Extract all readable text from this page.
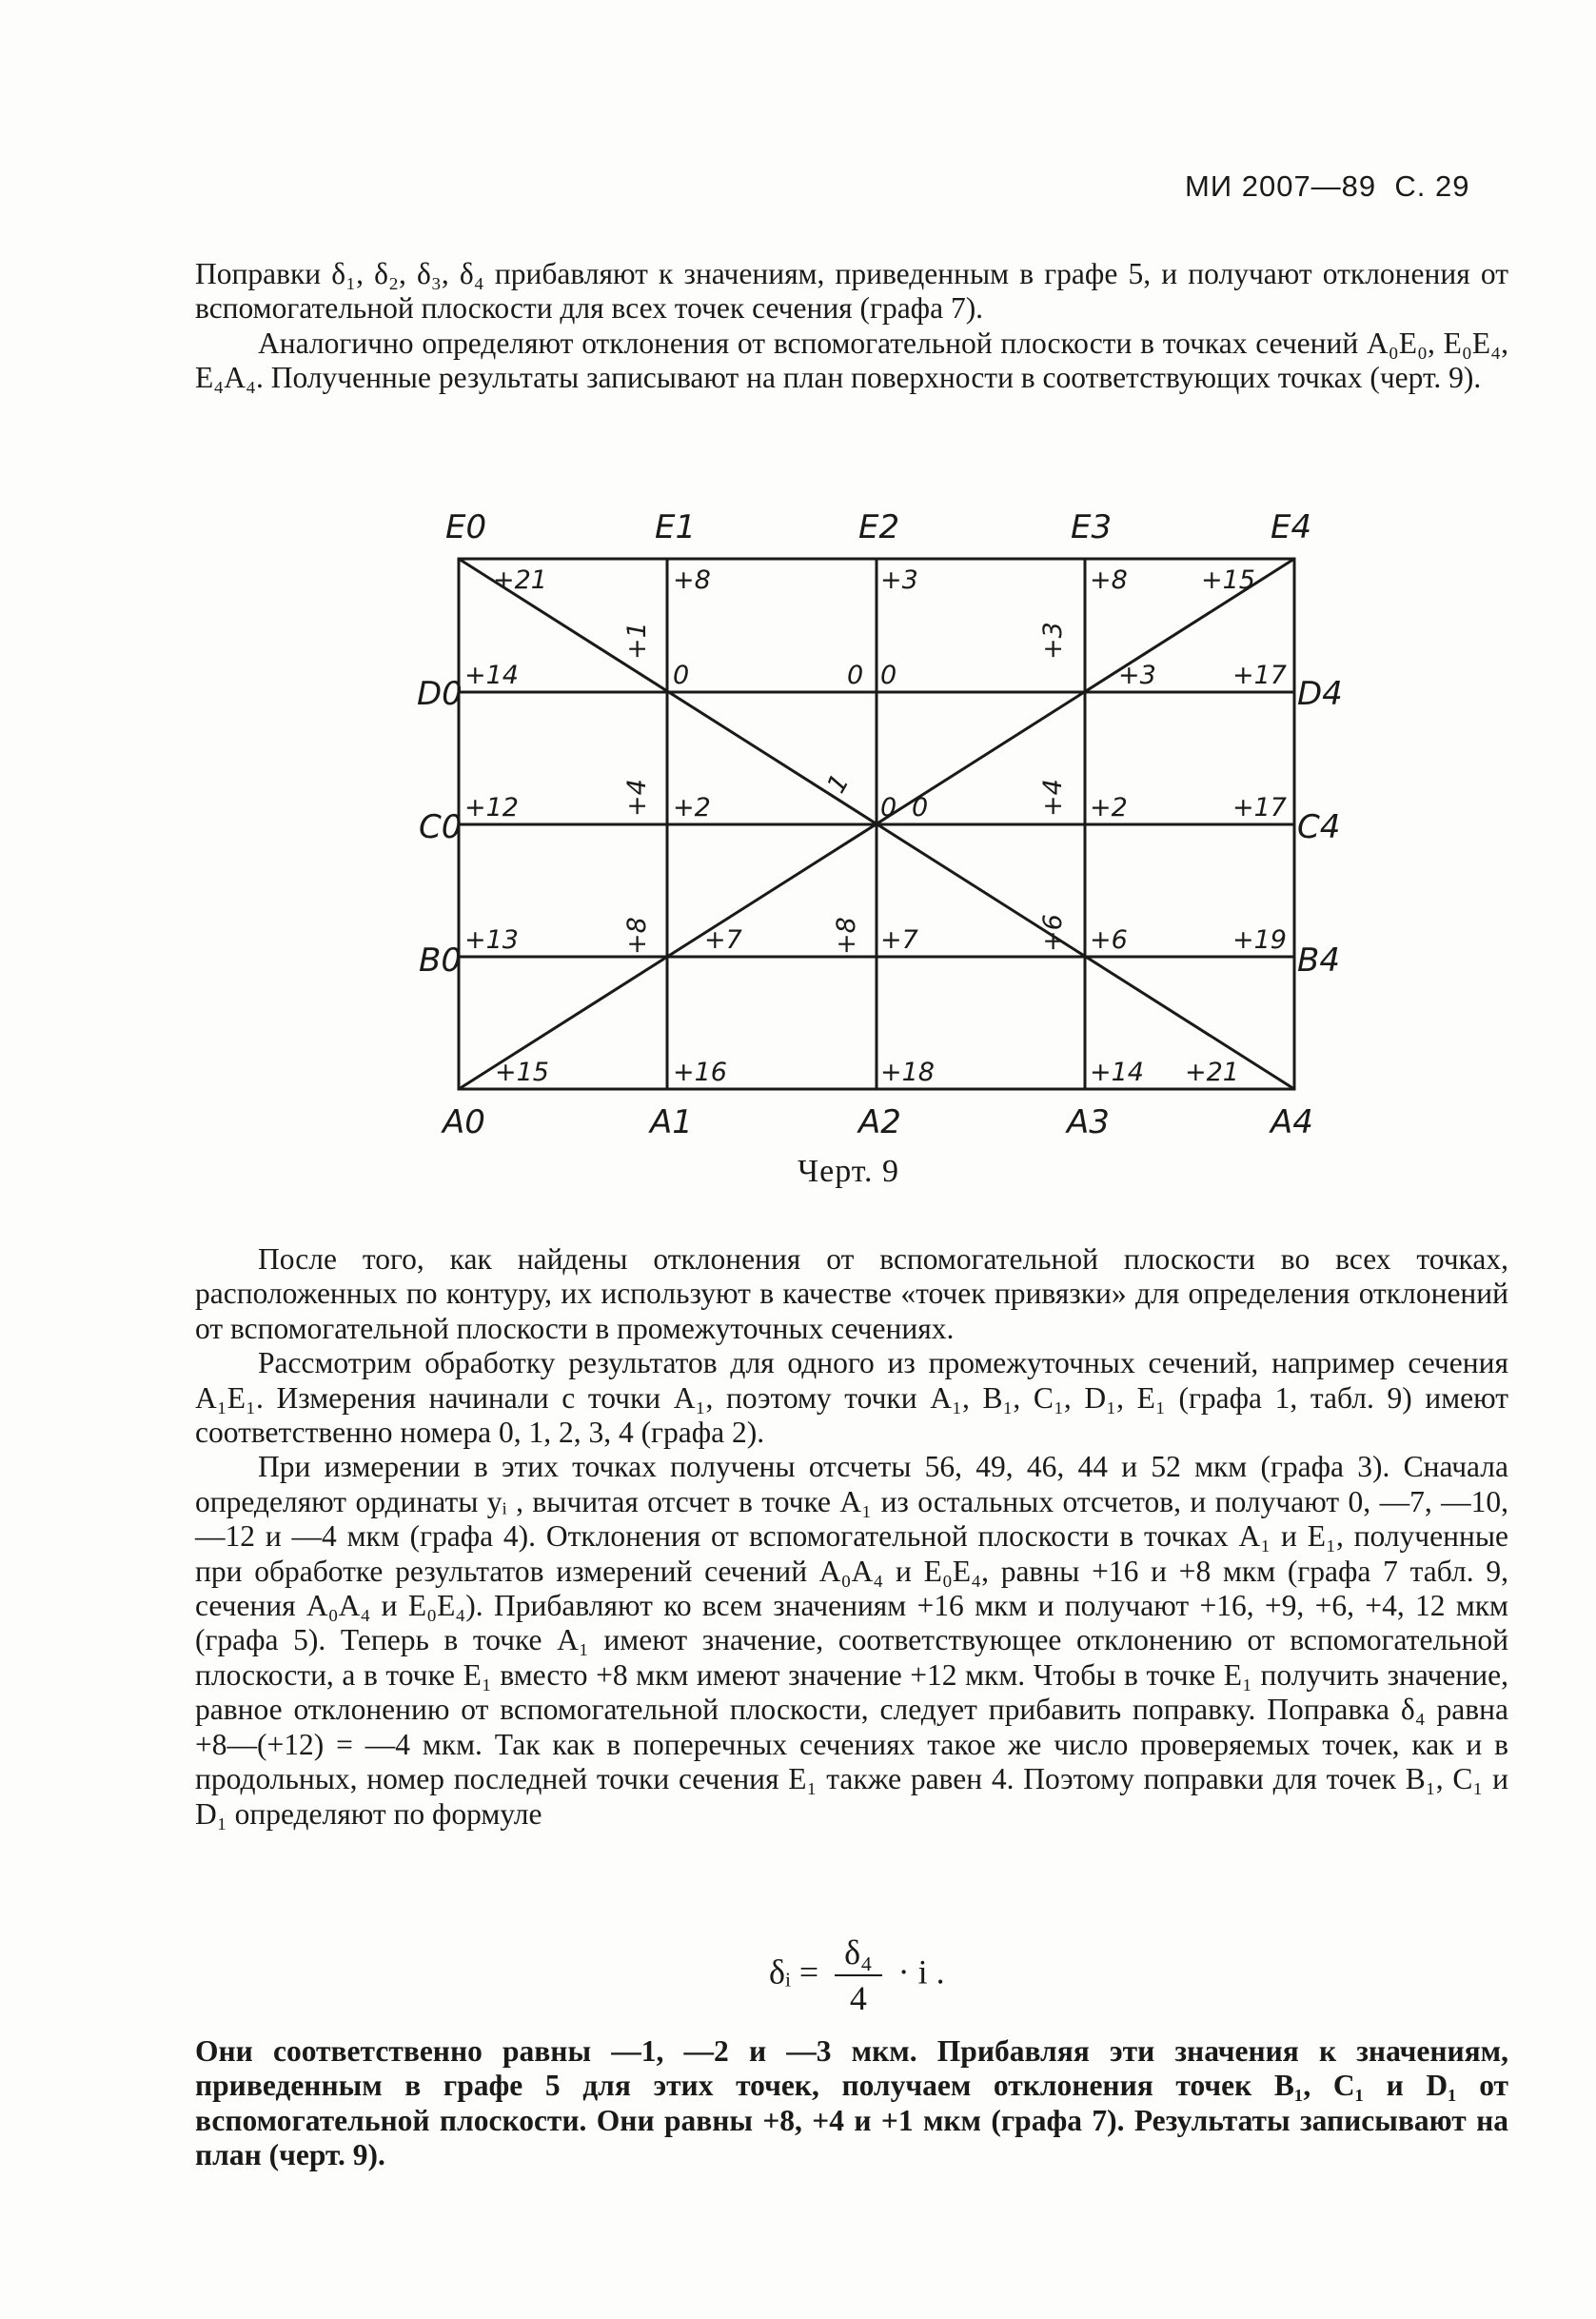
МИ 2007—89 С. 29

Поправки δ₁, δ₂, δ₃, δ₄ прибавляют к значениям, приведенным в графе 5, и получают отклонения от вспомогательной плоскости для всех точек сечения (графа 7).

Аналогично определяют отклонения от вспомогательной плоскости в точках сечений A₀E₀, E₀E₄, E₄A₄. Полученные результаты записывают на план поверхности в соответствующих точках (черт. 9).

E0	E1	E2	E3	E4
D0
C0
B0
D4
C4
B4
A0	A1	A2	A3	A4
+21	+8	+3	+8	+15
+14	0	0 0	+3	+17
+12	+2	0 0	+2	+17
+13	+7	+7	+6	+19
+15	+16	+18	+14 +21
+1	+3
+4	1	+4
+8	+8	+6
Черт. 9

После того, как найдены отклонения от вспомогательной плоскости во всех точках, расположенных по контуру, их используют в качестве «точек привязки» для определения отклонений от вспомогательной плоскости в промежуточных сечениях.

Рассмотрим обработку результатов для одного из промежуточных сечений, например сечения A₁E₁. Измерения начинали с точки A₁, поэтому точки A₁, B₁, C₁, D₁, E₁ (графа 1, табл. 9) имеют соответственно номера 0, 1, 2, 3, 4 (графа 2).

При измерении в этих точках получены отсчеты 56, 49, 46, 44 и 52 мкм (графа 3). Сначала определяют ординаты yᵢ , вычитая отсчет в точке A₁ из остальных отсчетов, и получают 0, —7, —10, —12 и —4 мкм (графа 4). Отклонения от вспомогательной плоскости в точках A₁ и E₁, полученные при обработке результатов измерений сечений A₀A₄ и E₀E₄, равны +16 и +8 мкм (графа 7 табл. 9, сечения A₀A₄ и E₀E₄). Прибавляют ко всем значениям +16 мкм и получают +16, +9, +6, +4, 12 мкм (графа 5). Теперь в точке A₁ имеют значение, соответствующее отклонению от вспомогательной плоскости, а в точке E₁ вместо +8 мкм имеют значение +12 мкм. Чтобы в точке E₁ получить значение, равное отклонению от вспомогательной плоскости, следует прибавить поправку. Поправка δ₄ равна +8—(+12) = —4 мкм. Так как в поперечных сечениях такое же число проверяемых точек, как и в продольных, номер последней точки сечения E₁ также равен 4. Поэтому поправки для точек B₁, C₁ и D₁ определяют по формуле

δᵢ = $\frac{\text{δ₄}}{4} \cdot i$ .

Они соответственно равны —1, —2 и —3 мкм. Прибавляя эти значения к значениям, приведенным в графе 5 для этих точек, получаем отклонения точек B₁, C₁ и D₁ от вспомогательной плоскости. Они равны +8, +4 и +1 мкм (графа 7). Результаты записывают на план (черт. 9).
